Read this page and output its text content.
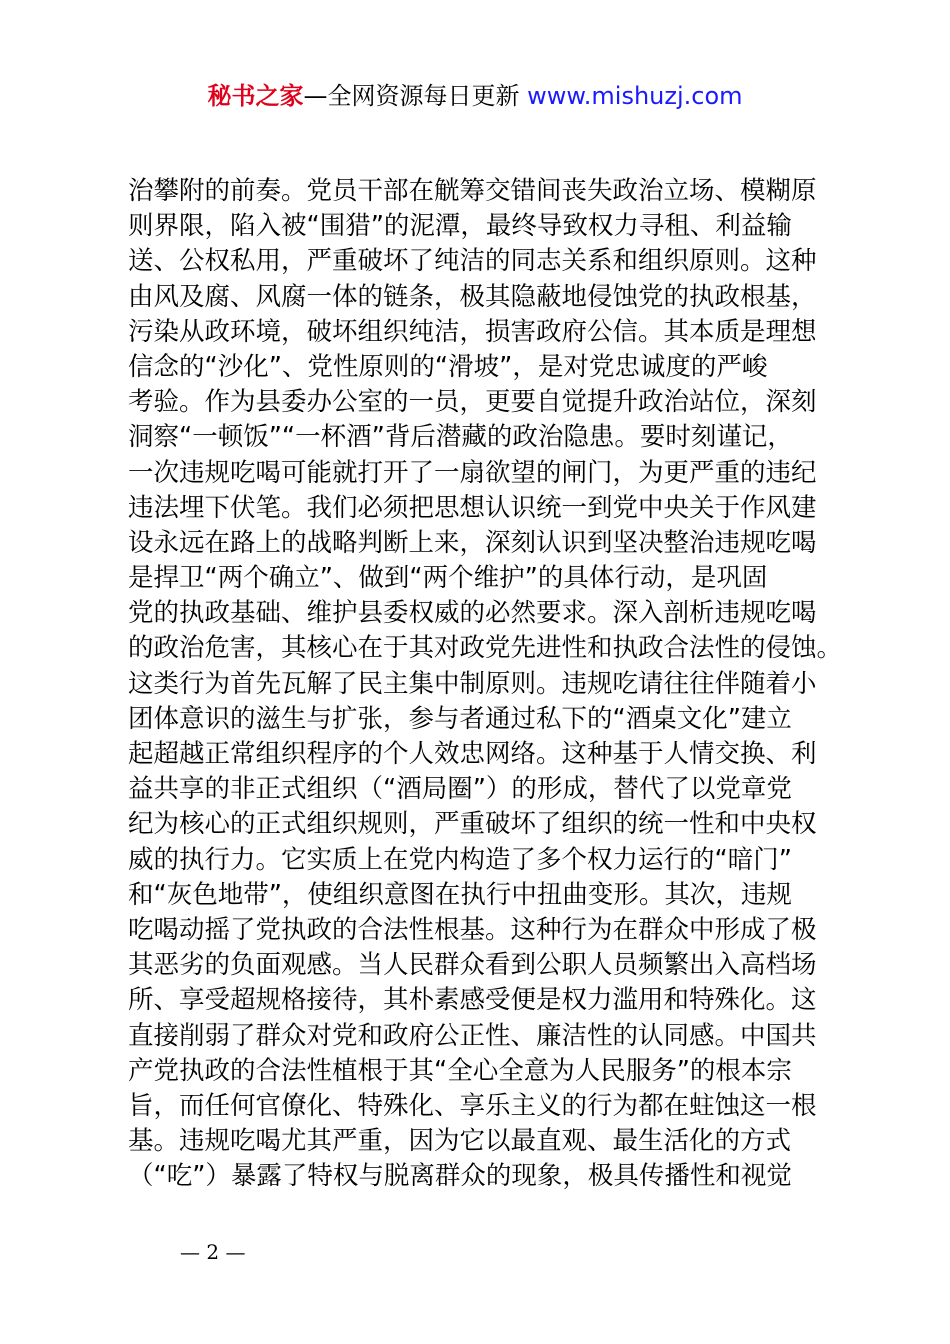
秘书之家—全网资源每日更新 www.mishuzj.com
治攀附的前奏。党员干部在觥筹交错间丧失政治立场、模糊原
则界限，陷入被“围猎”的泥潭，最终导致权力寻租、利益输
送、公权私用，严重破坏了纯洁的同志关系和组织原则。这种
由风及腐、风腐一体的链条，极其隐蔽地侵蚀党的执政根基，
污染从政环境，破坏组织纯洁，损害政府公信。其本质是理想
信念的“沙化”、党性原则的“滑坡”，是对党忠诚度的严峻
考验。作为县委办公室的一员，更要自觉提升政治站位，深刻
洞察“一顿饭”“一杯酒”背后潜藏的政治隐患。要时刻谨记，
一次违规吃喝可能就打开了一扇欲望的闸门，为更严重的违纪
违法埋下伏笔。我们必须把思想认识统一到党中央关于作风建
设永远在路上的战略判断上来，深刻认识到坚决整治违规吃喝
是捍卫“两个确立”、做到“两个维护”的具体行动，是巩固
党的执政基础、维护县委权威的必然要求。深入剖析违规吃喝
的政治危害，其核心在于其对政党先进性和执政合法性的侵蚀。
这类行为首先瓦解了民主集中制原则。违规吃请往往伴随着小
团体意识的滋生与扩张，参与者通过私下的“酒桌文化”建立
起超越正常组织程序的个人效忠网络。这种基于人情交换、利
益共享的非正式组织（“酒局圈”）的形成，替代了以党章党
纪为核心的正式组织规则，严重破坏了组织的统一性和中央权
威的执行力。它实质上在党内构造了多个权力运行的“暗门”
和“灰色地带”，使组织意图在执行中扭曲变形。其次，违规
吃喝动摇了党执政的合法性根基。这种行为在群众中形成了极
其恶劣的负面观感。当人民群众看到公职人员频繁出入高档场
所、享受超规格接待，其朴素感受便是权力滥用和特殊化。这
直接削弱了群众对党和政府公正性、廉洁性的认同感。中国共
产党执政的合法性植根于其“全心全意为人民服务”的根本宗
旨，而任何官僚化、特殊化、享乐主义的行为都在蛀蚀这一根
基。违规吃喝尤其严重，因为它以最直观、最生活化的方式
（“吃”）暴露了特权与脱离群众的现象，极具传播性和视觉
— 2 —
